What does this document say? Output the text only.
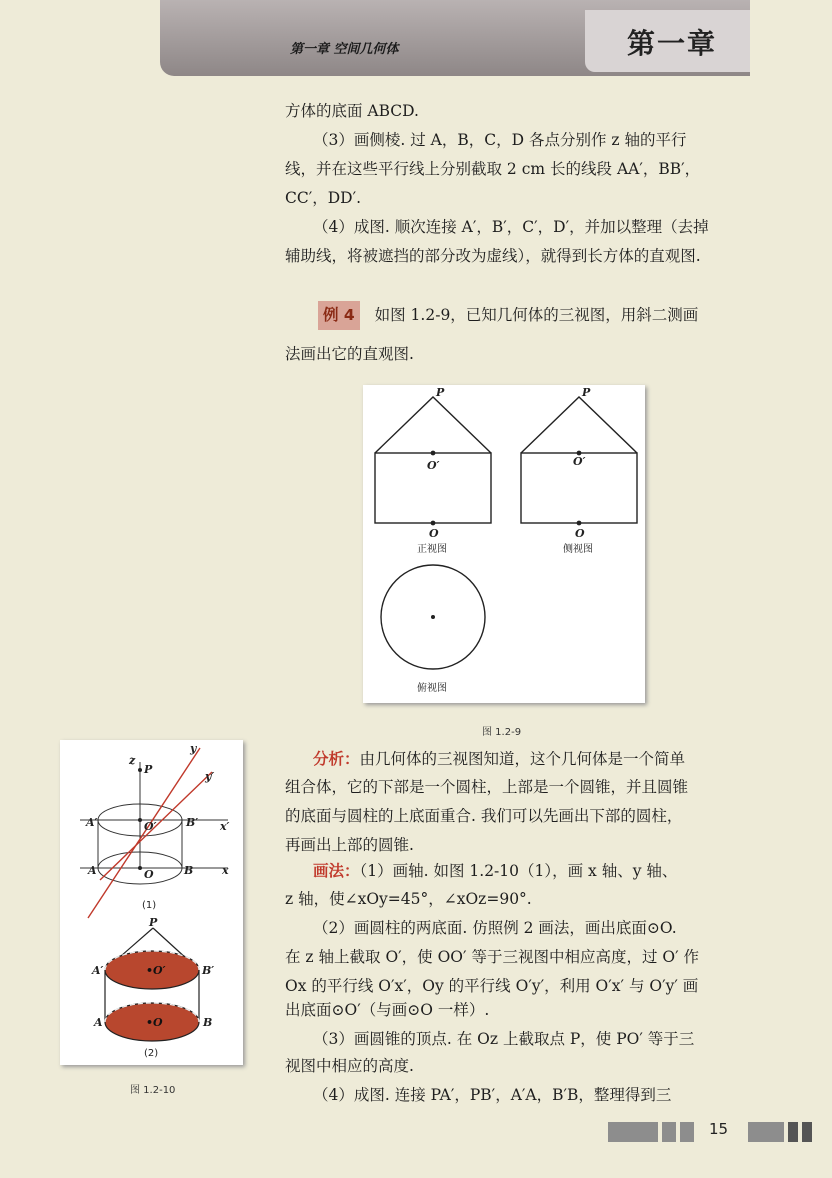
第一章 空间几何体	第一章
方体的底面 ABCD.
（3）画侧棱. 过 A，B，C，D 各点分别作 z 轴的平行
线，并在这些平行线上分别截取 2 cm 长的线段 AA′，BB′，
CC′，DD′.
（4）成图. 顺次连接 A′，B′，C′，D′，并加以整理（去掉
辅助线，将被遮挡的部分改为虚线），就得到长方体的直观图.
例 4 如图 1.2-9，已知几何体的三视图，用斜二测画
法画出它的直观图.
P
O′
O
P
O′
O
正视图	侧视图
俯视图
图 1.2-9
z
P
y
y′
A′	O′	B′ x′
A	O	B	x
(1)
P
A′	B′
A	B
•O′
•O
(2)
图 1.2-10
分析：由几何体的三视图知道，这个几何体是一个简单
组合体，它的下部是一个圆柱，上部是一个圆锥，并且圆锥
的底面与圆柱的上底面重合. 我们可以先画出下部的圆柱，
再画出上部的圆锥.
画法：（1）画轴. 如图 1.2-10（1），画 x 轴、y 轴、
z 轴，使∠xOy=45°，∠xOz=90°.
（2）画圆柱的两底面. 仿照例 2 画法，画出底面⊙O.
在 z 轴上截取 O′，使 OO′ 等于三视图中相应高度，过 O′ 作
Ox 的平行线 O′x′，Oy 的平行线 O′y′，利用 O′x′ 与 O′y′ 画
出底面⊙O′（与画⊙O 一样）.
（3）画圆锥的顶点. 在 Oz 上截取点 P，使 PO′ 等于三
视图中相应的高度.
（4）成图. 连接 PA′，PB′，A′A，B′B，整理得到三
15
